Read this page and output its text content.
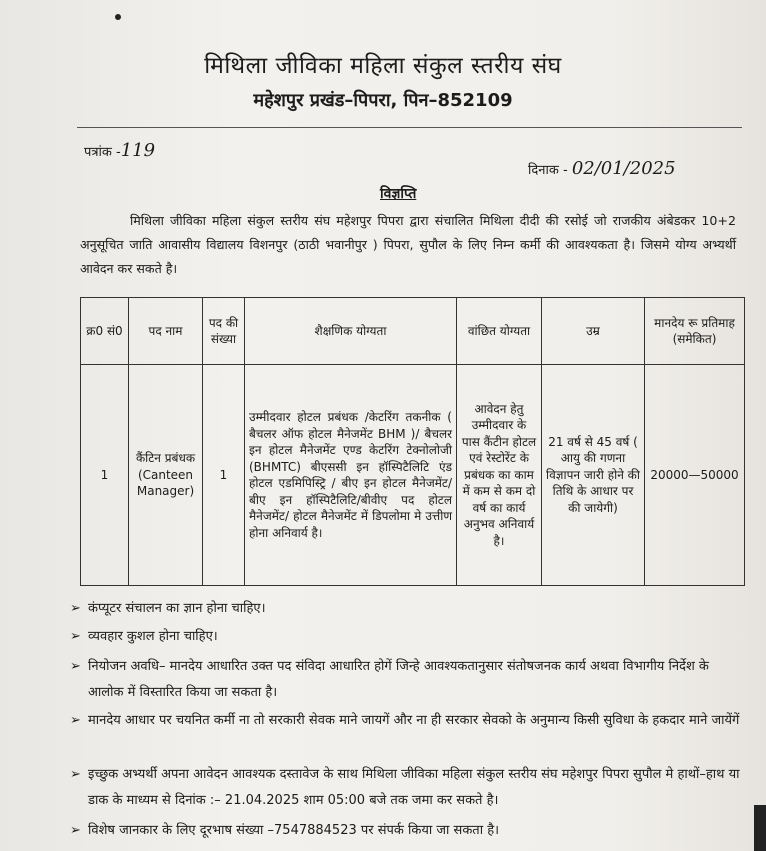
मिथिला जीविका महिला संकुल स्तरीय संघ
महेशपुर प्रखंड–पिपरा, पिन–852109
पत्रांक -119
दिनाक - 02/01/2025
विज्ञप्ति
मिथिला जीविका महिला संकुल स्तरीय संघ महेशपुर पिपरा द्वारा संचालित मिथिला दीदी की रसोई जो राजकीय अंबेडकर 10+2 अनुसूचित जाति आवासीय विद्यालय विशनपुर (ठाठी भवानीपुर ) पिपरा, सुपौल के लिए निम्न कर्मी की आवश्यकता है। जिसमे योग्य अभ्यर्थी आवेदन कर सकते है।
क्र0 सं0	पद नाम	पद की संख्या	शैक्षणिक योग्यता	वांछित योग्यता	उम्र	मानदेय रू प्रतिमाह (समेकित)
1	कैंटिन प्रबंधक (Canteen Manager)	1	उम्मीदवार होटल प्रबंधक /केटरिंग तकनीक ( बैचलर ऑफ होटल मैनेजमेंट BHM )/ बैचलर इन होटल मैनेजमेंट एण्ड केटरिंग टेक्नोलोजी (BHMTC) बीएससी इन हॉस्पिटैलिटि एंड होटल एडमिपिस्ट्रि / बीए इन होटल मैनेजमेंट/ बीए इन हॉस्पिटैलिटि/बीवीए पद होटल मैनेजमेंट/ होटल मैनेजमेंट में डिपलोमा मे उत्तीण होना अनिवार्य है।	आवेदन हेतु उम्मीदवार के पास कैंटीन होटल एवं रेस्टोरेंट के प्रबंधक का काम में कम से कम दो वर्ष का कार्य अनुभव अनिवार्य है।	21 वर्ष से 45 वर्ष ( आयु की गणना विज्ञापन जारी होने की तिथि के आधार पर की जायेगी)	20000—50000
➢ कंप्यूटर संचालन का ज्ञान होना चाहिए।
➢ व्यवहार कुशल होना चाहिए।
➢ नियोजन अवधि– मानदेय आधारित उक्त पद संविदा आधारित होगें जिन्हे आवश्यकतानुसार संतोषजनक कार्य अथवा विभागीय निर्देश के आलोक में विस्तारित किया जा सकता है।
➢ मानदेय आधार पर चयनित कर्मी ना तो सरकारी सेवक माने जायगें और ना ही सरकार सेवको के अनुमान्य किसी सुविधा के हकदार माने जायेंगें
➢ इच्छुक अभ्यर्थी अपना आवेदन आवश्यक दस्तावेज के साथ मिथिला जीविका महिला संकुल स्तरीय संघ महेशपुर पिपरा सुपौल मे हाथों–हाथ या डाक के माध्यम से दिनांक :– 21.04.2025 शाम 05:00 बजे तक जमा कर सकते है।
➢ विशेष जानकार के लिए दूरभाष संख्या –7547884523 पर संपर्क किया जा सकता है।
